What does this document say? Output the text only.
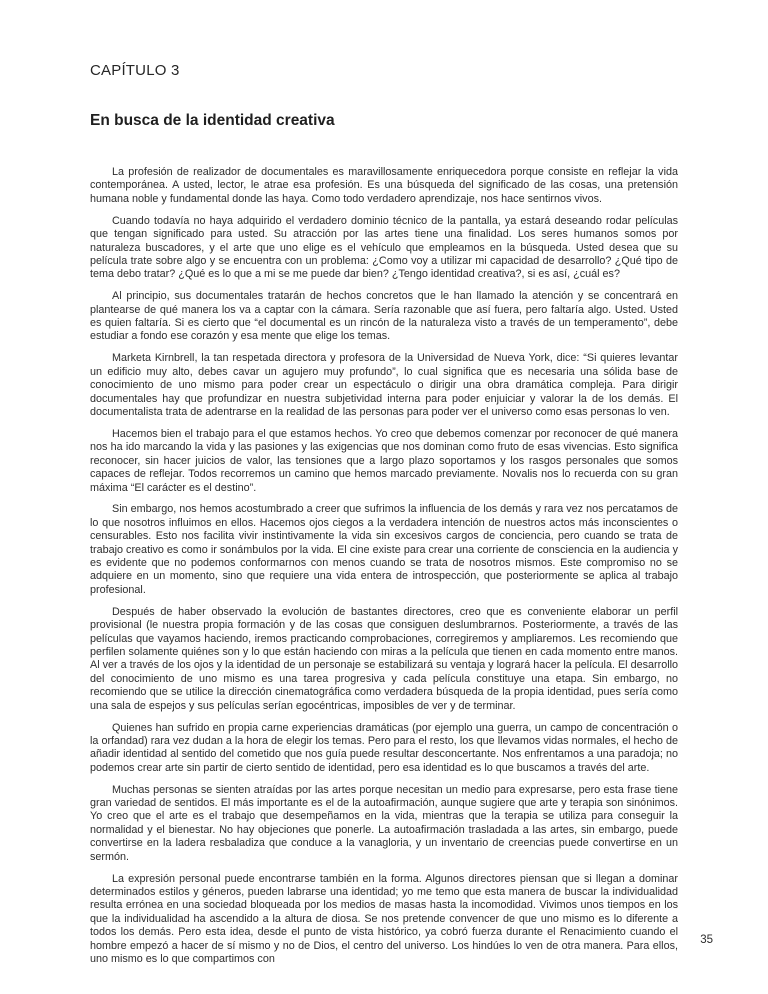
CAPÍTULO 3
En busca de la identidad creativa

La profesión de realizador de documentales es maravillosamente enriquecedora porque consiste en reflejar la vida contemporánea. A usted, lector, le atrae esa profesión. Es una búsqueda del significado de las cosas, una pretensión humana noble y fundamental donde las haya. Como todo verdadero aprendizaje, nos hace sentirnos vivos.

Cuando todavía no haya adquirido el verdadero dominio técnico de la pantalla, ya estará deseando rodar películas que tengan significado para usted. Su atracción por las artes tiene una finalidad. Los seres humanos somos por naturaleza buscadores, y el arte que uno elige es el vehículo que empleamos en la búsqueda. Usted desea que su película trate sobre algo y se encuentra con un problema: ¿Como voy a utilizar mi capacidad de desarrollo? ¿Qué tipo de tema debo tratar? ¿Qué es lo que a mi se me puede dar bien? ¿Tengo identidad creativa?, si es así, ¿cuál es?

Al principio, sus documentales tratarán de hechos concretos que le han llamado la atención y se concentrará en plantearse de qué manera los va a captar con la cámara. Sería razonable que así fuera, pero faltaría algo. Usted. Usted es quien faltaría. Si es cierto que “el documental es un rincón de la naturaleza visto a través de un temperamento”, debe estudiar a fondo ese corazón y esa mente que elige los temas.

Marketa Kirnbrell, la tan respetada directora y profesora de la Universidad de Nueva York, dice: “Si quieres levantar un edificio muy alto, debes cavar un agujero muy profundo”, lo cual significa que es necesaria una sólida base de conocimiento de uno mismo para poder crear un espectáculo o dirigir una obra dramática compleja. Para dirigir documentales hay que profundizar en nuestra subjetividad interna para poder enjuiciar y valorar la de los demás. El documentalista trata de adentrarse en la realidad de las personas para poder ver el universo como esas personas lo ven.

Hacemos bien el trabajo para el que estamos hechos. Yo creo que debemos comenzar por reconocer de qué manera nos ha ido marcando la vida y las pasiones y las exigencias que nos dominan como fruto de esas vivencias. Esto significa reconocer, sin hacer juicios de valor, las tensiones que a largo plazo soportamos y los rasgos personales que somos capaces de reflejar. Todos recorremos un camino que hemos marcado previamente. Novalis nos lo recuerda con su gran máxima “El carácter es el destino”.

Sin embargo, nos hemos acostumbrado a creer que sufrimos la influencia de los demás y rara vez nos percatamos de lo que nosotros influimos en ellos. Hacemos ojos ciegos a la verdadera intención de nuestros actos más inconscientes o censurables. Esto nos facilita vivir instintivamente la vida sin excesivos cargos de conciencia, pero cuando se trata de trabajo creativo es como ir sonámbulos por la vida. El cine existe para crear una corriente de consciencia en la audiencia y es evidente que no podemos conformarnos con menos cuando se trata de nosotros mismos. Este compromiso no se adquiere en un momento, sino que requiere una vida entera de introspección, que posteriormente se aplica al trabajo profesional.

Después de haber observado la evolución de bastantes directores, creo que es conveniente elaborar un perfil provisional (le nuestra propia formación y de las cosas que consiguen deslumbrarnos. Posteriormente, a través de las películas que vayamos haciendo, iremos practicando comprobaciones, corregiremos y ampliaremos. Les recomiendo que perfilen solamente quiénes son y lo que están haciendo con miras a la película que tienen en cada momento entre manos. Al ver a través de los ojos y la identidad de un personaje se estabilizará su ventaja y logrará hacer la película. El desarrollo del conocimiento de uno mismo es una tarea progresiva y cada película constituye una etapa. Sin embargo, no recomiendo que se utilice la dirección cinematográfica como verdadera búsqueda de la propia identidad, pues sería como una sala de espejos y sus películas serían egocéntricas, imposibles de ver y de terminar.

Quienes han sufrido en propia carne experiencias dramáticas (por ejemplo una guerra, un campo de concentración o la orfandad) rara vez dudan a la hora de elegir los temas. Pero para el resto, los que llevamos vidas normales, el hecho de añadir identidad al sentido del cometido que nos guía puede resultar desconcertante. Nos enfrentamos a una paradoja; no podemos crear arte sin partir de cierto sentido de identidad, pero esa identidad es lo que buscamos a través del arte.

Muchas personas se sienten atraídas por las artes porque necesitan un medio para expresarse, pero esta frase tiene gran variedad de sentidos. El más importante es el de la autoafirmación, aunque sugiere que arte y terapia son sinónimos. Yo creo que el arte es el trabajo que desempeñamos en la vida, mientras que la terapia se utiliza para conseguir la normalidad y el bienestar. No hay objeciones que ponerle. La autoafirmación trasladada a las artes, sin embargo, puede convertirse en la ladera resbaladiza que conduce a la vanagloria, y un inventario de creencias puede convertirse en un sermón.

La expresión personal puede encontrarse también en la forma. Algunos directores piensan que si llegan a dominar determinados estilos y géneros, pueden labrarse una identidad; yo me temo que esta manera de buscar la individualidad resulta errónea en una sociedad bloqueada por los medios de masas hasta la incomodidad. Vivimos unos tiempos en los que la individualidad ha ascendido a la altura de diosa. Se nos pretende convencer de que uno mismo es lo diferente a todos los demás. Pero esta idea, desde el punto de vista histórico, ya cobró fuerza durante el Renacimiento cuando el hombre empezó a hacer de sí mismo y no de Dios, el centro del universo. Los hindúes lo ven de otra manera. Para ellos, uno mismo es lo que compartimos con

35
